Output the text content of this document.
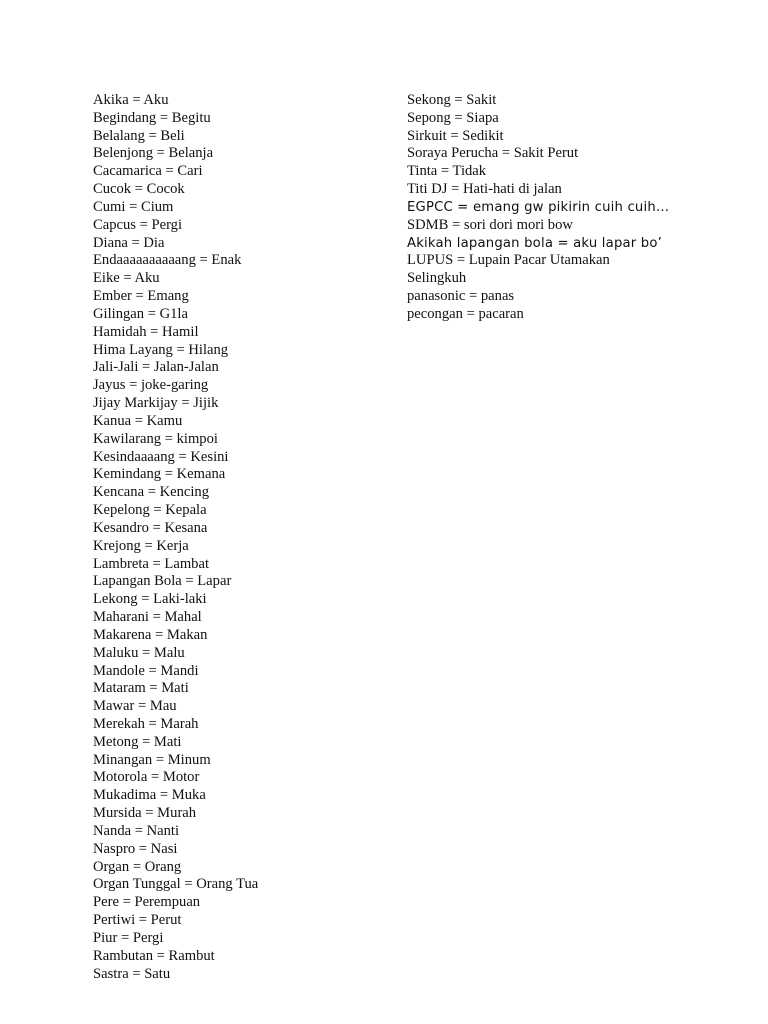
Akika = Aku
Begindang = Begitu
Belalang = Beli
Belenjong = Belanja
Cacamarica = Cari
Cucok = Cocok
Cumi = Cium
Capcus = Pergi
Diana = Dia
Endaaaaaaaaaang = Enak
Eike = Aku
Ember = Emang
Gilingan = G1la
Hamidah = Hamil
Hima Layang = Hilang
Jali-Jali = Jalan-Jalan
Jayus = joke-garing
Jijay Markijay = Jijik
Kanua = Kamu
Kawilarang = kimpoi
Kesindaaaang = Kesini
Kemindang = Kemana
Kencana = Kencing
Kepelong = Kepala
Kesandro = Kesana
Krejong = Kerja
Lambreta = Lambat
Lapangan Bola = Lapar
Lekong = Laki-laki
Maharani = Mahal
Makarena = Makan
Maluku = Malu
Mandole = Mandi
Mataram = Mati
Mawar = Mau
Merekah = Marah
Metong = Mati
Minangan = Minum
Motorola = Motor
Mukadima = Muka
Mursida = Murah
Nanda = Nanti
Naspro = Nasi
Organ = Orang
Organ Tunggal = Orang Tua
Pere = Perempuan
Pertiwi = Perut
Piur = Pergi
Rambutan = Rambut
Sastra = Satu
Sekong = Sakit
Sepong = Siapa
Sirkuit = Sedikit
Soraya Perucha = Sakit Perut
Tinta = Tidak
Titi DJ = Hati-hati di jalan
EGPCC = emang gw pikirin cuih cuih…
SDMB = sori dori mori bow
Akikah lapangan bola = aku lapar bo’
LUPUS = Lupain Pacar Utamakan
Selingkuh
panasonic = panas
pecongan = pacaran
